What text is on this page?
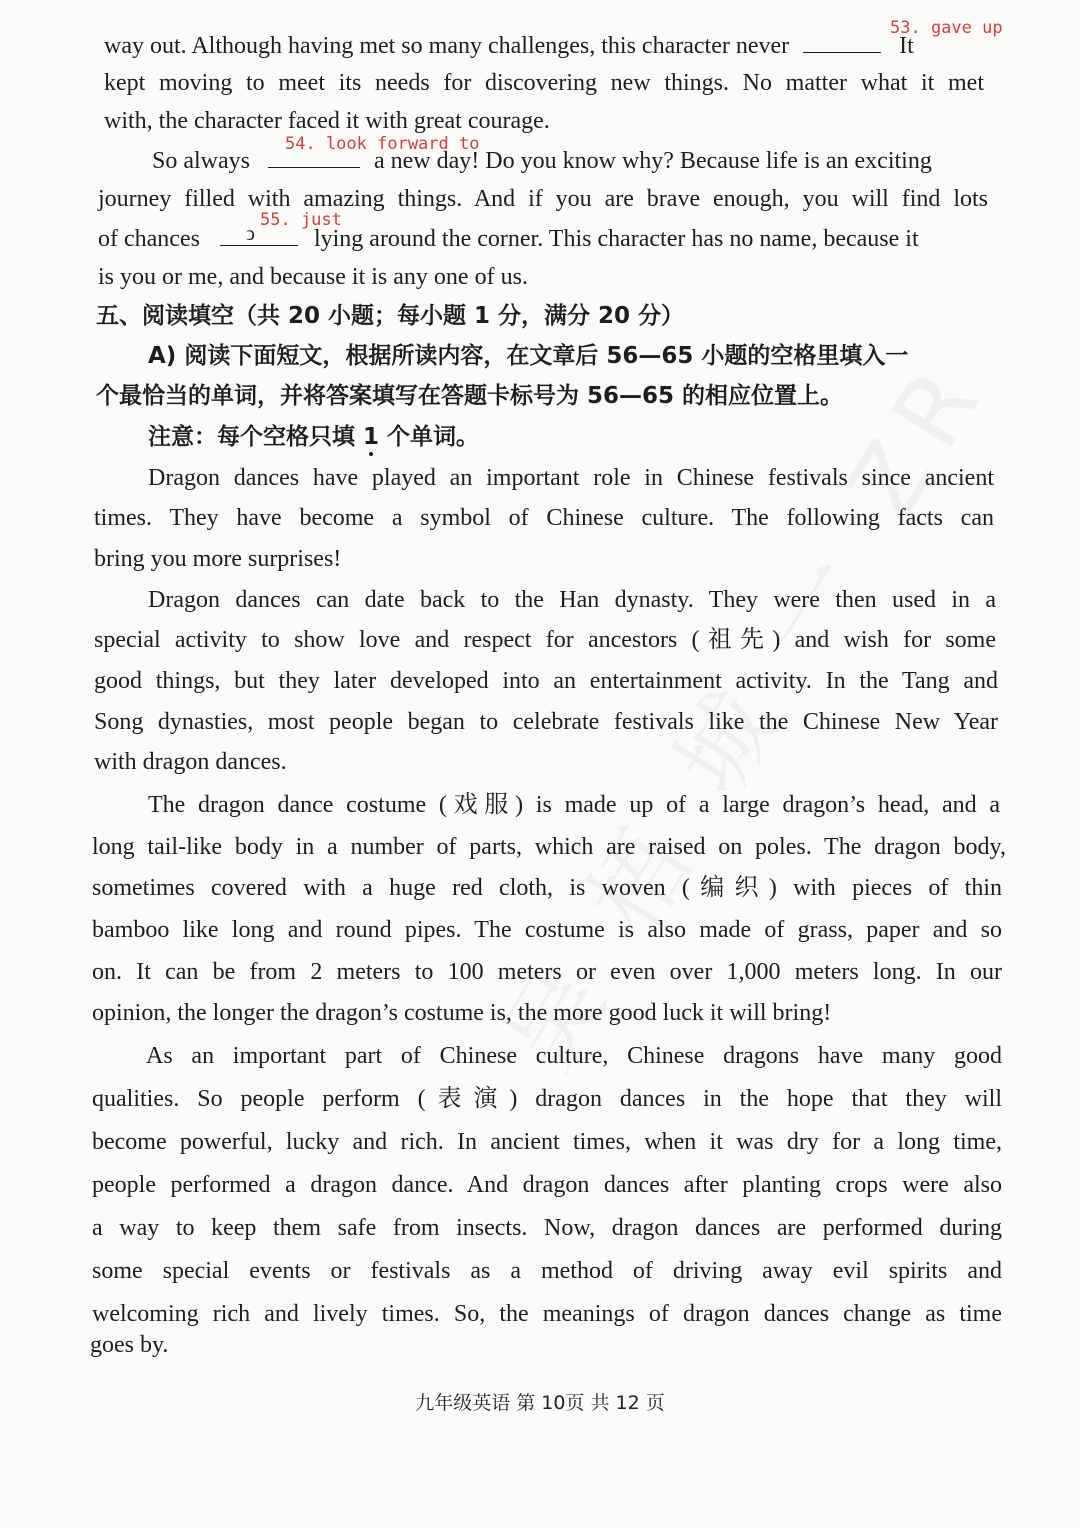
53. gave up
54. look forward to
55. just
way out. Although having met so many challenges, this character never	It
kept moving to meet its needs for discovering new things. No matter what it met
with, the character faced it with great courage.
So always	a new day! Do you know why? Because life is an exciting
journey filled with amazing things. And if you are brave enough, you will find lots
of chances ↄ lying around the corner. This character has no name, because it
is you or me, and because it is any one of us.
五、阅读填空（共 20 小题；每小题 1 分，满分 20 分）
A) 阅读下面短文，根据所读内容，在文章后 56—65 小题的空格里填入一
个最恰当的单词，并将答案填写在答题卡标号为 56—65 的相应位置上。
注意：每个空格只填 1 个单词。
Dragon dances have played an important role in Chinese festivals since ancient
times. They have become a symbol of Chinese culture. The following facts can
bring you more surprises!
Dragon dances can date back to the Han dynasty. They were then used in a
special activity to show love and respect for ancestors (祖先) and wish for some
good things, but they later developed into an entertainment activity. In the Tang and
Song dynasties, most people began to celebrate festivals like the Chinese New Year
with dragon dances.
The dragon dance costume (戏服) is made up of a large dragon’s head, and a
long tail-like body in a number of parts, which are raised on poles. The dragon body,
sometimes covered with a huge red cloth, is woven (编织) with pieces of thin
bamboo like long and round pipes. The costume is also made of grass, paper and so
on. It can be from 2 meters to 100 meters or even over 1,000 meters long. In our
opinion, the longer the dragon’s costume is, the more good luck it will bring!
As an important part of Chinese culture, Chinese dragons have many good
qualities. So people perform (表演) dragon dances in the hope that they will
become powerful, lucky and rich. In ancient times, when it was dry for a long time,
people performed a dragon dance. And dragon dances after planting crops were also
a way to keep them safe from insects. Now, dragon dances are performed during
some special events or festivals as a method of driving away evil spirits and
welcoming rich and lively times. So, the meanings of dragon dances change as time
goes by.
九年级英语 第 10页 共 12 页
